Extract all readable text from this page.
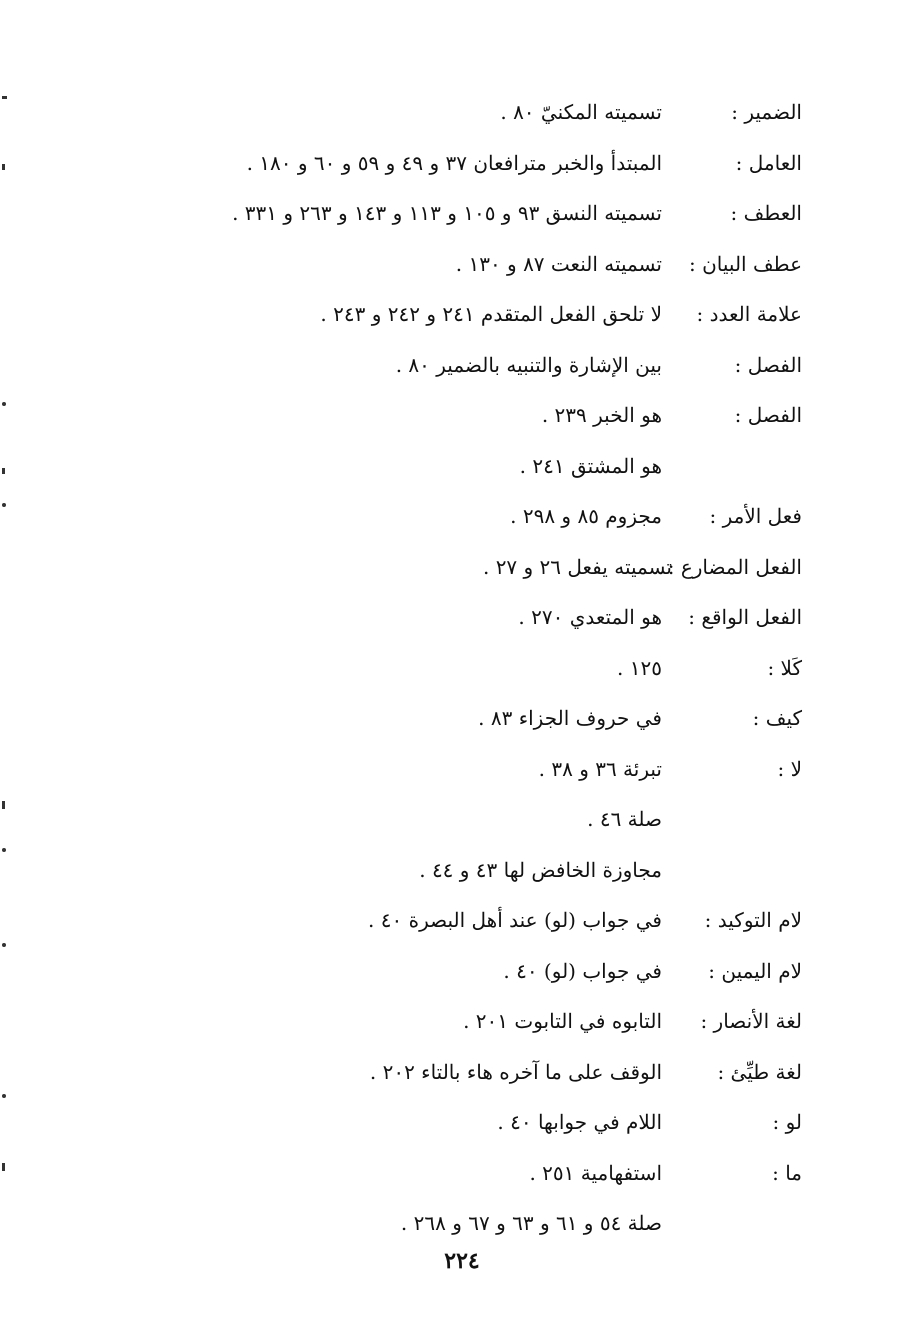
الضمير :
تسميته المكنيّ ٨٠ .
العامل :
المبتدأ والخبر مترافعان ٣٧ و ٤٩ و ٥٩ و ٦٠ و ١٨٠ .
العطف :
تسميته النسق ٩٣ و ١٠٥ و ١١٣ و ١٤٣ و ٢٦٣ و ٣٣١ .
عطف البيان :
تسميته النعت ٨٧ و ١٣٠ .
علامة العدد :
لا تلحق الفعل المتقدم ٢٤١ و ٢٤٢ و ٢٤٣ .
الفصل :
بين الإشارة والتنبيه بالضمير ٨٠ .
الفصل :
هو الخبر ٢٣٩ .
هو المشتق ٢٤١ .
فعل الأمر :
مجزوم ٨٥ و ٢٩٨ .
الفعل المضارع :
تسميته يفعل ٢٦ و ٢٧ .
الفعل الواقع :
هو المتعدي ٢٧٠ .
كَلا :
١٢٥ .
كيف :
في حروف الجزاء ٨٣ .
لا :
تبرئة ٣٦ و ٣٨ .
صلة ٤٦ .
مجاوزة الخافض لها ٤٣ و ٤٤ .
لام التوكيد :
في جواب (لو) عند أهل البصرة ٤٠ .
لام اليمين :
في جواب (لو) ٤٠ .
لغة الأنصار :
التابوه في التابوت ٢٠١ .
لغة طيِّئ :
الوقف على ما آخره هاء بالتاء ٢٠٢ .
لو :
اللام في جوابها ٤٠ .
ما :
استفهامية ٢٥١ .
صلة ٥٤ و ٦١ و ٦٣ و ٦٧ و ٢٦٨ .
٢٢٤
